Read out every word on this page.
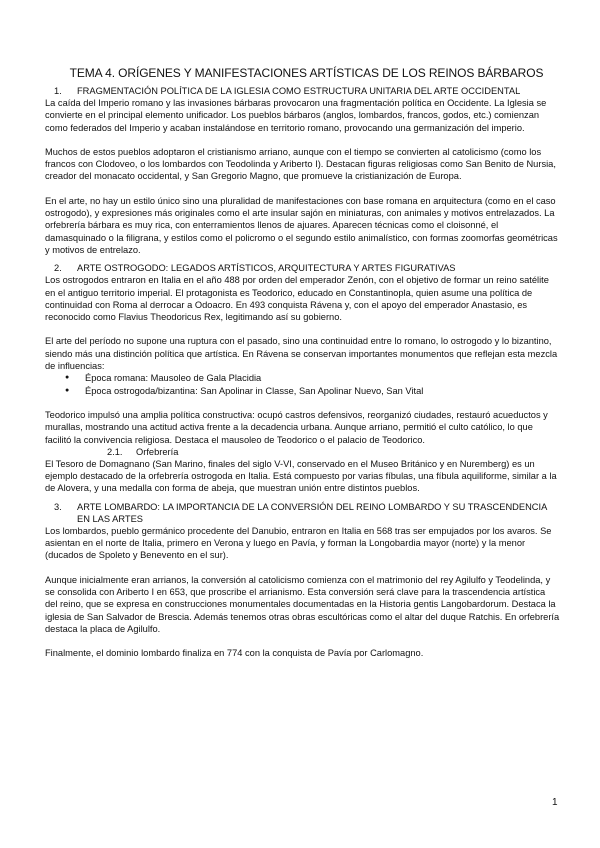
TEMA 4. ORÍGENES Y MANIFESTACIONES ARTÍSTICAS DE LOS REINOS BÁRBAROS
1.	FRAGMENTACIÓN POLÍTICA DE LA IGLESIA COMO ESTRUCTURA UNITARIA DEL ARTE OCCIDENTAL

La caída del Imperio romano y las invasiones bárbaras provocaron una fragmentación política en Occidente. La Iglesia se convierte en el principal elemento unificador. Los pueblos bárbaros (anglos, lombardos, francos, godos, etc.) comienzan como federados del Imperio y acaban instalándose en territorio romano, provocando una germanización del imperio.

Muchos de estos pueblos adoptaron el cristianismo arriano, aunque con el tiempo se convierten al catolicismo (como los francos con Clodoveo, o los lombardos con Teodolinda y Ariberto I). Destacan figuras religiosas como San Benito de Nursia, creador del monacato occidental, y San Gregorio Magno, que promueve la cristianización de Europa.

En el arte, no hay un estilo único sino una pluralidad de manifestaciones con base romana en arquitectura (como en el caso ostrogodo), y expresiones más originales como el arte insular sajón en miniaturas, con animales y motivos entrelazados. La orfebrería bárbara es muy rica, con enterramientos llenos de ajuares. Aparecen técnicas como el cloisonné, el damasquinado o la filigrana, y estilos como el policromo o el segundo estilo animalístico, con formas zoomorfas geométricas y motivos de entrelazo.

2.	ARTE OSTROGODO: LEGADOS ARTÍSTICOS, ARQUITECTURA Y ARTES FIGURATIVAS

Los ostrogodos entraron en Italia en el año 488 por orden del emperador Zenón, con el objetivo de formar un reino satélite en el antiguo territorio imperial. El protagonista es Teodorico, educado en Constantinopla, quien asume una política de continuidad con Roma al derrocar a Odoacro. En 493 conquista Rávena y, con el apoyo del emperador Anastasio, es reconocido como Flavius Theodoricus Rex, legitimando así su gobierno.

El arte del período no supone una ruptura con el pasado, sino una continuidad entre lo romano, lo ostrogodo y lo bizantino, siendo más una distinción política que artística. En Rávena se conservan importantes monumentos que reflejan esta mezcla de influencias:

● Época romana: Mausoleo de Gala Placidia
● Época ostrogoda/bizantina: San Apolinar in Classe, San Apolinar Nuevo, San Vital

Teodorico impulsó una amplia política constructiva: ocupó castros defensivos, reorganizó ciudades, restauró acueductos y murallas, mostrando una actitud activa frente a la decadencia urbana. Aunque arriano, permitió el culto católico, lo que facilitó la convivencia religiosa. Destaca el mausoleo de Teodorico o el palacio de Teodorico.

2.1.	Orfebrería

El Tesoro de Domagnano (San Marino, finales del siglo V-VI, conservado en el Museo Británico y en Nuremberg) es un ejemplo destacado de la orfebrería ostrogoda en Italia. Está compuesto por varias fíbulas, una fíbula aquiliforme, similar a la de Alovera, y una medalla con forma de abeja, que muestran unión entre distintos pueblos.

3.	ARTE LOMBARDO: LA IMPORTANCIA DE LA CONVERSIÓN DEL REINO LOMBARDO Y SU TRASCENDENCIA EN LAS ARTES

Los lombardos, pueblo germánico procedente del Danubio, entraron en Italia en 568 tras ser empujados por los avaros. Se asientan en el norte de Italia, primero en Verona y luego en Pavía, y forman la Longobardia mayor (norte) y la menor (ducados de Spoleto y Benevento en el sur).

Aunque inicialmente eran arrianos, la conversión al catolicismo comienza con el matrimonio del rey Agilulfo y Teodelinda, y se consolida con Ariberto I en 653, que proscribe el arrianismo. Esta conversión será clave para la trascendencia artística del reino, que se expresa en construcciones monumentales documentadas en la Historia gentis Langobardorum. Destaca la iglesia de San Salvador de Brescia. Además tenemos otras obras escultóricas como el altar del duque Ratchis. En orfebrería destaca la placa de Agilulfo.

Finalmente, el dominio lombardo finaliza en 774 con la conquista de Pavía por Carlomagno.

1
